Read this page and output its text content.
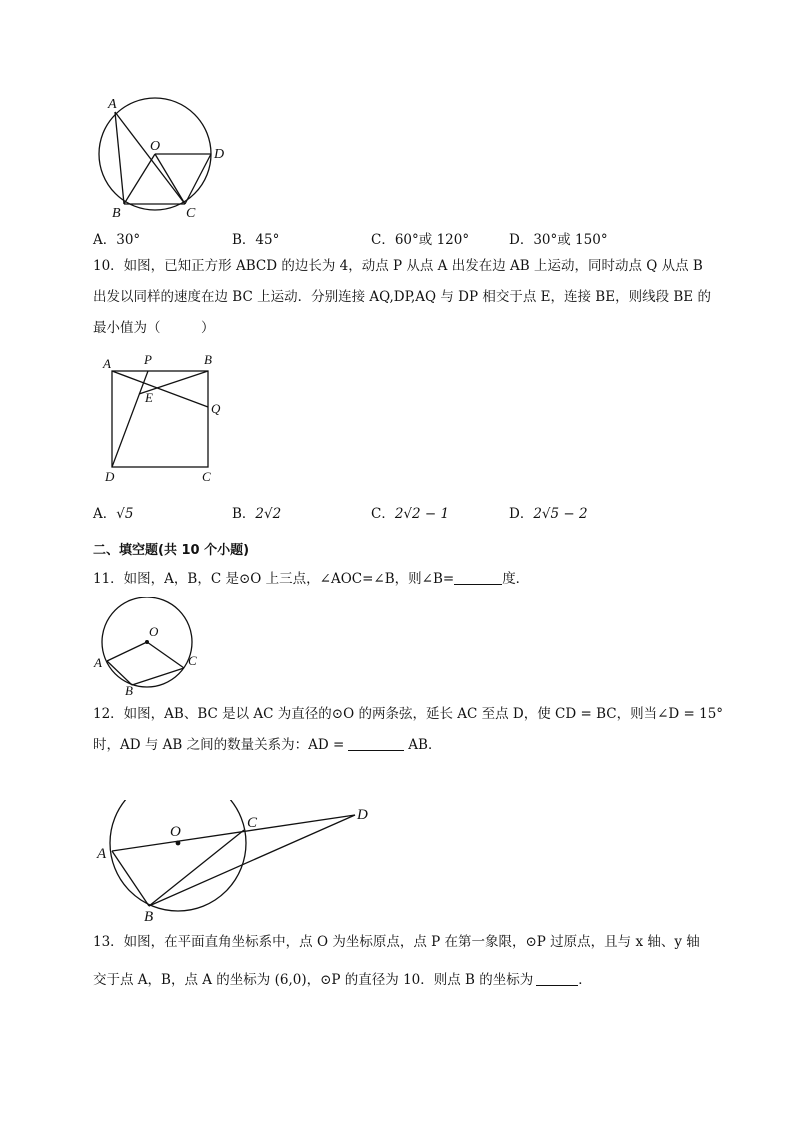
A
O
D
B	C
A．30°	B．45°	C．60°或 120°	D．30°或 150°
10．如图，已知正方形 ABCD 的边长为 4，动点 P 从点 A 出发在边 AB 上运动，同时动点 Q 从点 B
出发以同样的速度在边 BC 上运动．分别连接 AQ,DP,AQ 与 DP 相交于点 E，连接 BE，则线段 BE 的
最小值为（　　　）
A	P	B
E
Q
D	C
A．√5	B．2√2	C．2√2 − 1	D．2√5 − 2
二、填空题(共 10 个小题)
11．如图，A，B，C 是⊙O 上三点，∠AOC=∠B，则∠B=	度．
O
A	C
B
12．如图，AB、BC 是以 AC 为直径的⊙O 的两条弦，延长 AC 至点 D，使 CD = BC，则当∠D = 15°
时，AD 与 AB 之间的数量关系为：AD =	AB．
O
C	D
A
B
13．如图，在平面直角坐标系中，点 O 为坐标原点，点 P 在第一象限，⊙P 过原点，且与 x 轴、y 轴
交于点 A，B，点 A 的坐标为 (6,0)，⊙P 的直径为 10．则点 B 的坐标为	．
